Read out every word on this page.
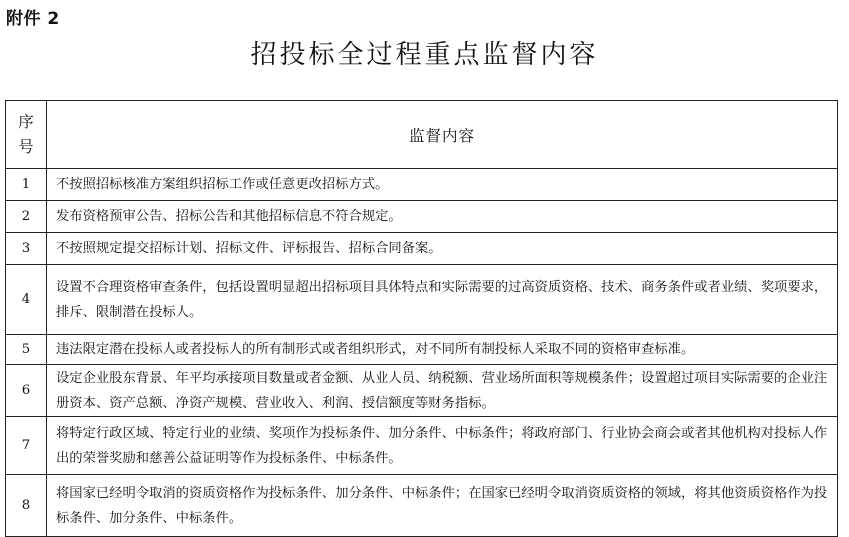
附件 2
招投标全过程重点监督内容
序号	监督内容
1	不按照招标核准方案组织招标工作或任意更改招标方式。
2	发布资格预审公告、招标公告和其他招标信息不符合规定。
3	不按照规定提交招标计划、招标文件、评标报告、招标合同备案。
4	设置不合理资格审查条件，包括设置明显超出招标项目具体特点和实际需要的过高资质资格、技术、商务条件或者业绩、奖项要求，排斥、限制潜在投标人。
5	违法限定潜在投标人或者投标人的所有制形式或者组织形式，对不同所有制投标人采取不同的资格审查标准。
6	设定企业股东背景、年平均承接项目数量或者金额、从业人员、纳税额、营业场所面积等规模条件；设置超过项目实际需要的企业注册资本、资产总额、净资产规模、营业收入、利润、授信额度等财务指标。
7	将特定行政区域、特定行业的业绩、奖项作为投标条件、加分条件、中标条件；将政府部门、行业协会商会或者其他机构对投标人作出的荣誉奖励和慈善公益证明等作为投标条件、中标条件。
8	将国家已经明令取消的资质资格作为投标条件、加分条件、中标条件；在国家已经明令取消资质资格的领域，将其他资质资格作为投标条件、加分条件、中标条件。
